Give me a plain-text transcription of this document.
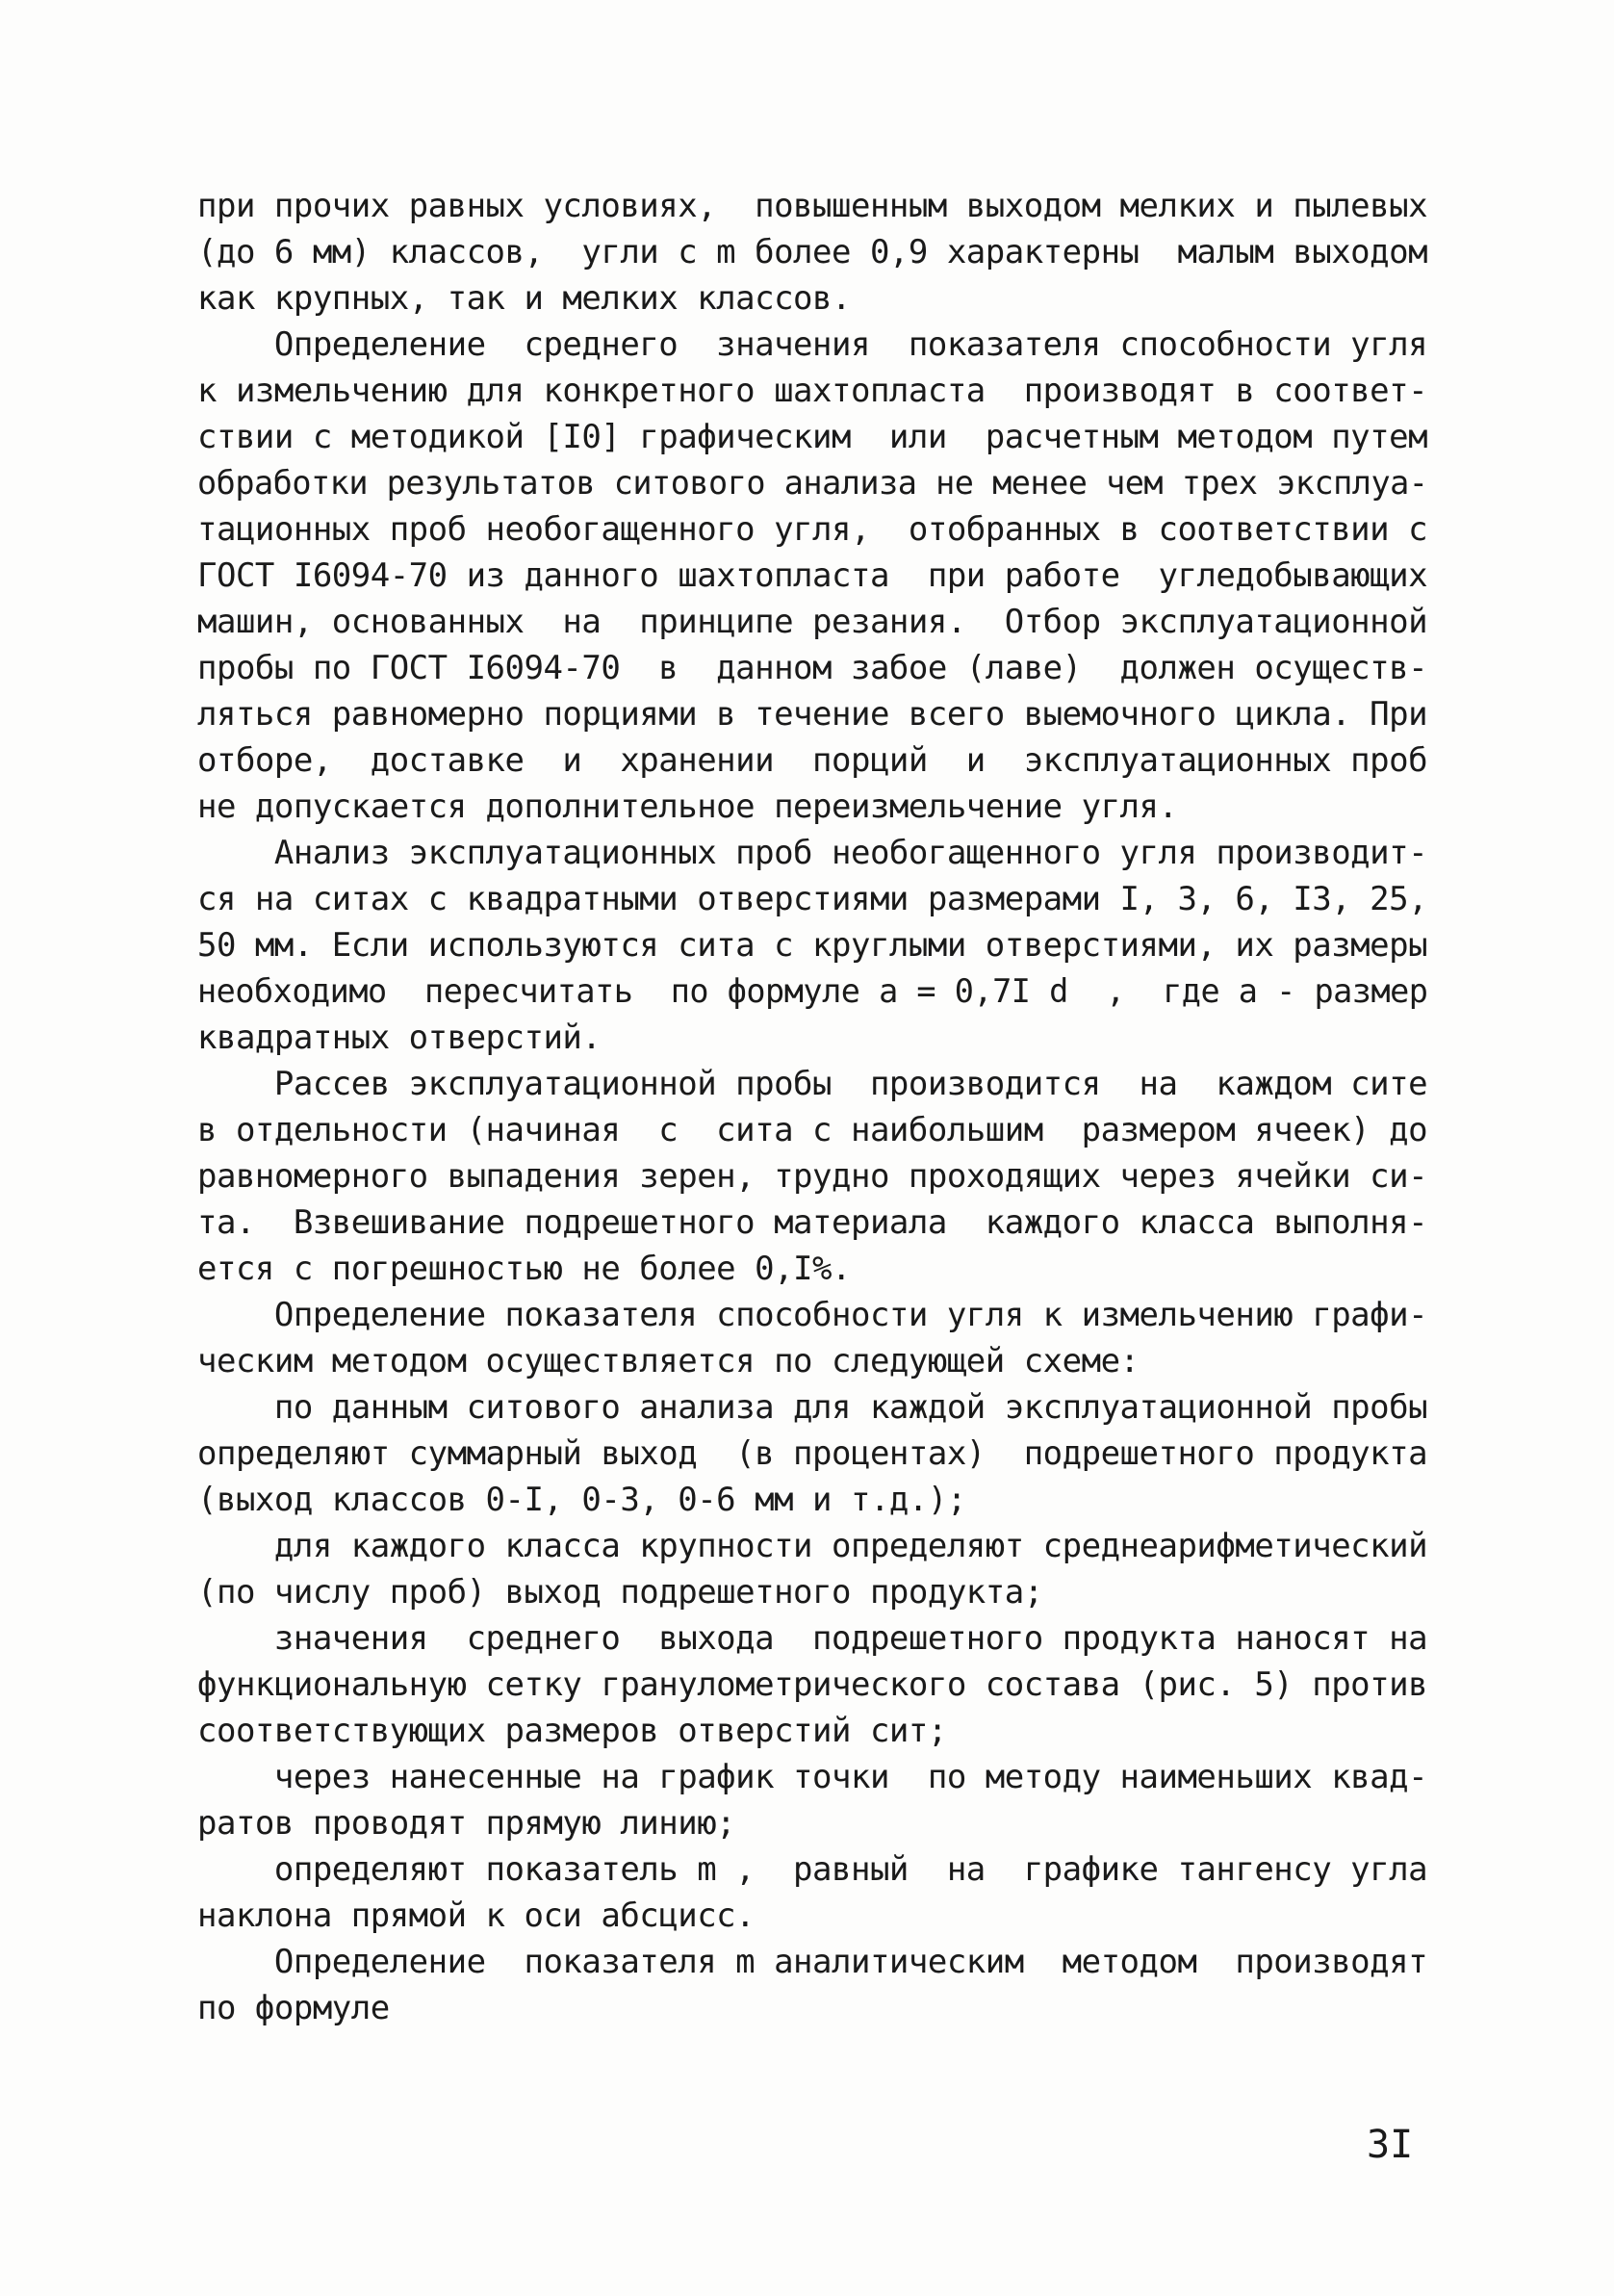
при прочих равных условиях,  повышенным выходом мелких и пылевых
(до 6 мм) классов,  угли с m более 0,9 характерны  малым выходом
как крупных, так и мелких классов.
Определение  среднего  значения  показателя способности угля
к измельчению для конкретного шахтопласта  производят в соответ-
ствии с методикой [I0] графическим  или  расчетным методом путем
обработки результатов ситового анализа не менее чем трех эксплуа-
тационных проб необогащенного угля,  отобранных в соответствии с
ГОСТ I6094-70 из данного шахтопласта  при работе  угледобывающих
машин, основанных  на  принципе резания.  Отбор эксплуатационной
пробы по ГОСТ I6094-70  в  данном забое (лаве)  должен осуществ-
ляться равномерно порциями в течение всего выемочного цикла. При
отборе,  доставке  и  хранении  порций  и  эксплуатационных проб
не допускается дополнительное переизмельчение угля.
Анализ эксплуатационных проб необогащенного угля производит-
ся на ситах с квадратными отверстиями размерами I, 3, 6, I3, 25,
50 мм. Если используются сита с круглыми отверстиями, их размеры
необходимо  пересчитать  по формуле a = 0,7I d  ,  где a - размер
квадратных отверстий.
Рассев эксплуатационной пробы  производится  на  каждом сите
в отдельности (начиная  с  сита с наибольшим  размером ячеек) до
равномерного выпадения зерен, трудно проходящих через ячейки си-
та.  Взвешивание подрешетного материала  каждого класса выполня-
ется с погрешностью не более 0,I%.
Определение показателя способности угля к измельчению графи-
ческим методом осуществляется по следующей схеме:
по данным ситового анализа для каждой эксплуатационной пробы
определяют суммарный выход  (в процентах)  подрешетного продукта
(выход классов 0-I, 0-3, 0-6 мм и т.д.);
для каждого класса крупности определяют среднеарифметический
(по числу проб) выход подрешетного продукта;
значения  среднего  выхода  подрешетного продукта наносят на
функциональную сетку гранулометрического состава (рис. 5) против
соответствующих размеров отверстий сит;
через нанесенные на график точки  по методу наименьших квад-
ратов проводят прямую линию;
определяют показатель m ,  равный  на  графике тангенсу угла
наклона прямой к оси абсцисс.
Определение  показателя m аналитическим  методом  производят
по формуле
3I
